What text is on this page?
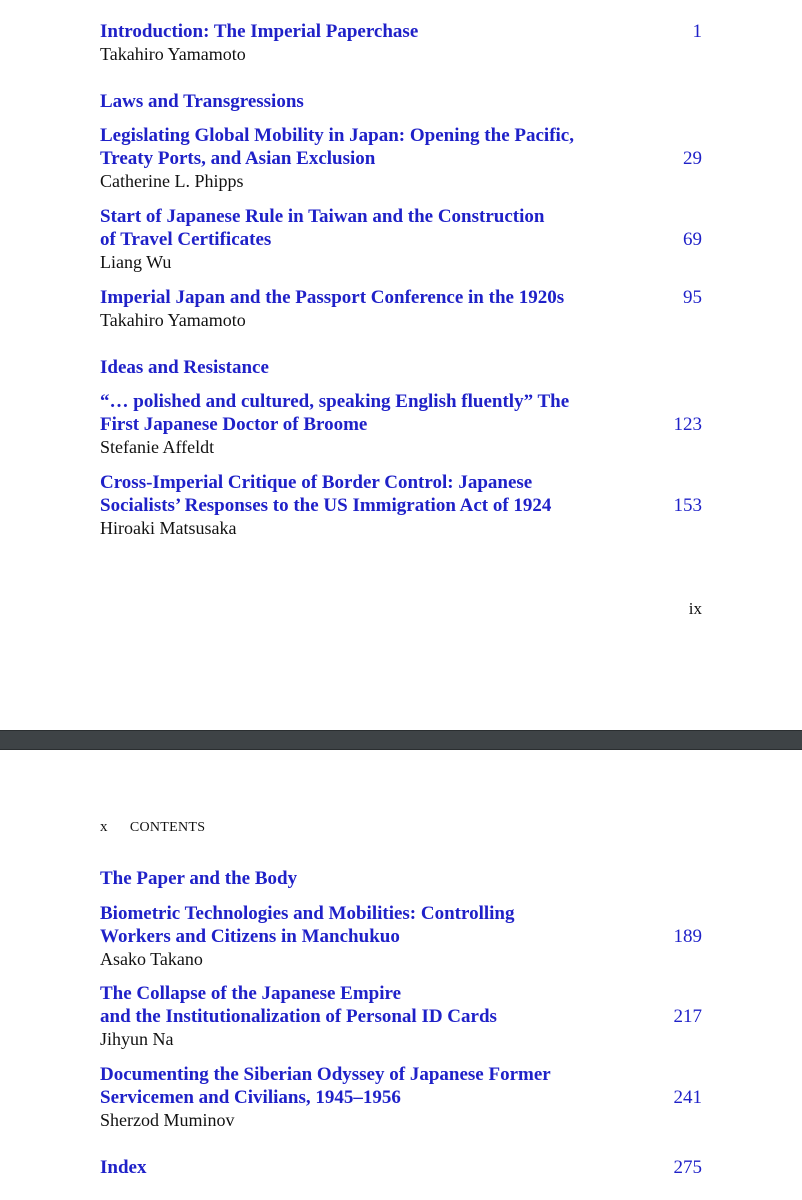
Introduction: The Imperial Paperchase
Takahiro Yamamoto
1
Laws and Transgressions
Legislating Global Mobility in Japan: Opening the Pacific,
Treaty Ports, and Asian Exclusion
Catherine L. Phipps
29
Start of Japanese Rule in Taiwan and the Construction
of Travel Certificates
Liang Wu
69
Imperial Japan and the Passport Conference in the 1920s
Takahiro Yamamoto
95
Ideas and Resistance
“… polished and cultured, speaking English fluently” The
First Japanese Doctor of Broome
Stefanie Affeldt
123
Cross-Imperial Critique of Border Control: Japanese
Socialists’ Responses to the US Immigration Act of 1924
Hiroaki Matsusaka
153
ix
x CONTENTS
The Paper and the Body
Biometric Technologies and Mobilities: Controlling
Workers and Citizens in Manchukuo
Asako Takano
189
The Collapse of the Japanese Empire
and the Institutionalization of Personal ID Cards
Jihyun Na
217
Documenting the Siberian Odyssey of Japanese Former
Servicemen and Civilians, 1945–1956
Sherzod Muminov
241
Index	275
